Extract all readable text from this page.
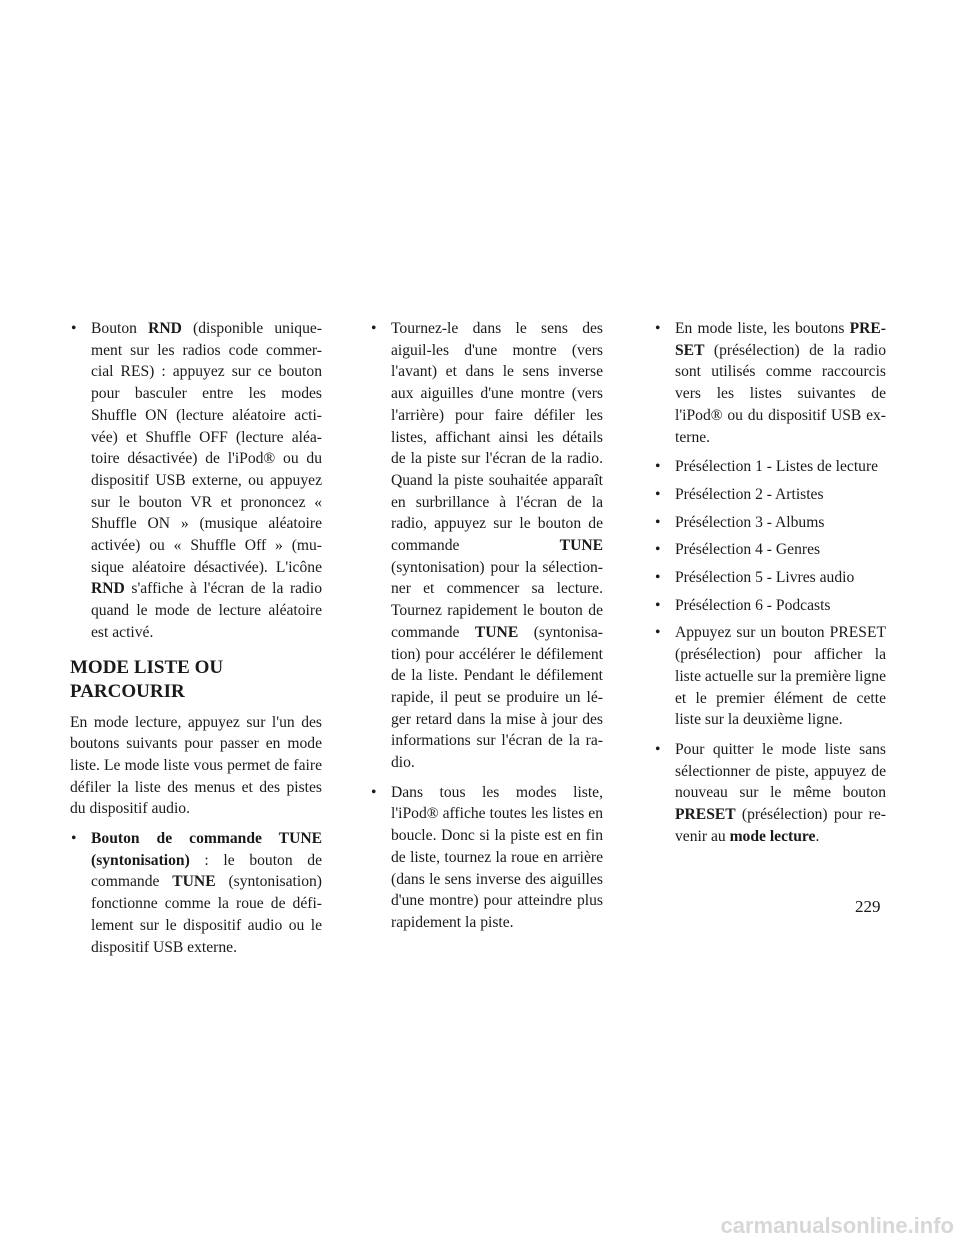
• Bouton RND (disponible unique-ment sur les radios code commer-cial RES) : appuyez sur ce bouton pour basculer entre les modes Shuffle ON (lecture aléatoire acti-vée) et Shuffle OFF (lecture aléa-toire désactivée) de l'iPod® ou du dispositif USB externe, ou appuyez sur le bouton VR et prononcez « Shuffle ON » (musique aléatoire activée) ou « Shuffle Off » (mu-sique aléatoire désactivée). L'icône RND s'affiche à l'écran de la radio quand le mode de lecture aléatoire est activé.

MODE LISTE OU
PARCOURIR

En mode lecture, appuyez sur l'un des boutons suivants pour passer en mode liste. Le mode liste vous permet de faire défiler la liste des menus et des pistes du dispositif audio.

• Bouton de commande TUNE (syntonisation) : le bouton de commande TUNE (syntonisation) fonctionne comme la roue de défi-lement sur le dispositif audio ou le dispositif USB externe.

• Tournez-le dans le sens des aiguil-les d'une montre (vers l'avant) et dans le sens inverse aux aiguilles d'une montre (vers l'arrière) pour faire défiler les listes, affichant ainsi les détails de la piste sur l'écran de la radio. Quand la piste souhaitée apparaît en surbrillance à l'écran de la radio, appuyez sur le bouton de commande TUNE (syntonisation) pour la sélection-ner et commencer sa lecture. Tournez rapidement le bouton de commande TUNE (syntonisa-tion) pour accélérer le défilement de la liste. Pendant le défilement rapide, il peut se produire un lé-ger retard dans la mise à jour des informations sur l'écran de la ra-dio.

• Dans tous les modes liste, l'iPod® affiche toutes les listes en boucle. Donc si la piste est en fin de liste, tournez la roue en arrière (dans le sens inverse des aiguilles d'une montre) pour atteindre plus rapidement la piste.

• En mode liste, les boutons PRE-SET (présélection) de la radio sont utilisés comme raccourcis vers les listes suivantes de l'iPod® ou du dispositif USB ex-terne.

• Présélection 1 - Listes de lecture

• Présélection 2 - Artistes

• Présélection 3 - Albums

• Présélection 4 - Genres

• Présélection 5 - Livres audio

• Présélection 6 - Podcasts

• Appuyez sur un bouton PRESET (présélection) pour afficher la liste actuelle sur la première ligne et le premier élément de cette liste sur la deuxième ligne.

• Pour quitter le mode liste sans sélectionner de piste, appuyez de nouveau sur le même bouton PRESET (présélection) pour re-venir au mode lecture.

229
carmanualsonline.info
